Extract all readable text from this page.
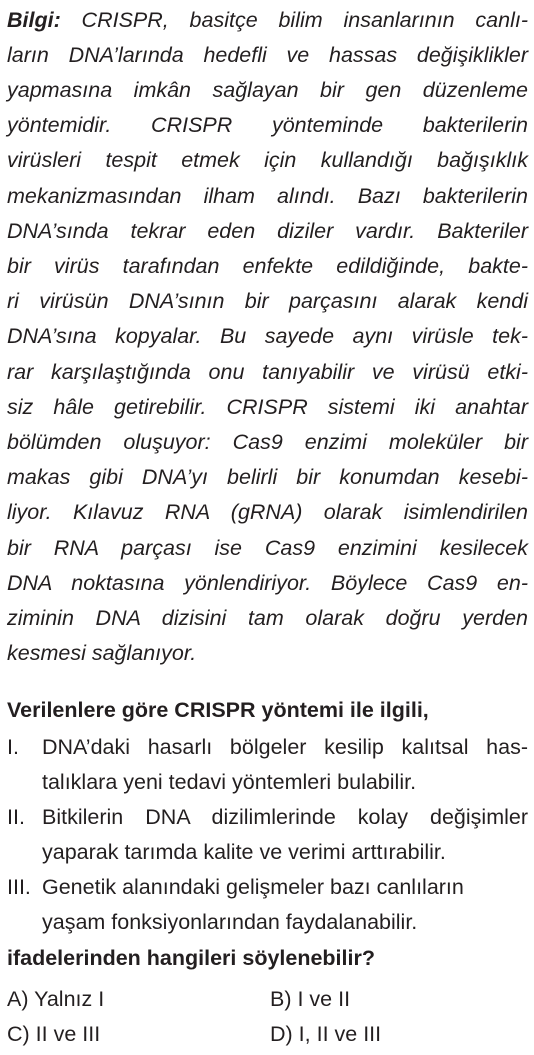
Bilgi: CRISPR, basitçe bilim insanlarının canlı-
ların DNA’larında hedefli ve hassas değişiklikler
yapmasına imkân sağlayan bir gen düzenleme
yöntemidir. CRISPR yönteminde bakterilerin
virüsleri tespit etmek için kullandığı bağışıklık
mekanizmasından ilham alındı. Bazı bakterilerin
DNA’sında tekrar eden diziler vardır. Bakteriler
bir virüs tarafından enfekte edildiğinde, bakte-
ri virüsün DNA’sının bir parçasını alarak kendi
DNA’sına kopyalar. Bu sayede aynı virüsle tek-
rar karşılaştığında onu tanıyabilir ve virüsü etki-
siz hâle getirebilir. CRISPR sistemi iki anahtar
bölümden oluşuyor: Cas9 enzimi moleküler bir
makas gibi DNA’yı belirli bir konumdan kesebi-
liyor. Kılavuz RNA (gRNA) olarak isimlendirilen
bir RNA parçası ise Cas9 enzimini kesilecek
DNA noktasına yönlendiriyor. Böylece Cas9 en-
ziminin DNA dizisini tam olarak doğru yerden
kesmesi sağlanıyor.
Verilenlere göre CRISPR yöntemi ile ilgili,
I. DNA’daki hasarlı bölgeler kesilip kalıtsal has-
talıklara yeni tedavi yöntemleri bulabilir.
II. Bitkilerin DNA dizilimlerinde kolay değişimler
yaparak tarımda kalite ve verimi arttırabilir.
III. Genetik alanındaki gelişmeler bazı canlıların
yaşam fonksiyonlarından faydalanabilir.
ifadelerinden hangileri söylenebilir?
A) Yalnız I	B) I ve II
C) II ve III	D) I, II ve III
